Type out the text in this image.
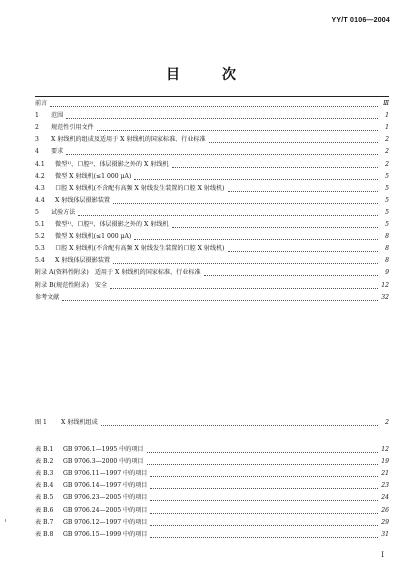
YY/T 0106—2004
目　次
前言	Ⅲ
1	范围	1
2	规范性引用文件	1
3	X 射线机的组成及适用于 X 射线机的国家标准、行业标准	2
4	要求	2
4.1	微型¹⁾、口腔²⁾、体层摄影之外的 X 射线机	2
4.2	微型 X 射线机(≤1 000 μA)	5
4.3	口腔 X 射线机(不含配有高频 X 射线发生装置的口腔 X 射线机)	5
4.4	X 射线体层摄影装置	5
5	试验方法	5
5.1	微型¹⁾、口腔²⁾、体层摄影之外的 X 射线机	5
5.2	微型 X 射线机(≤1 000 μA)	8
5.3	口腔 X 射线机(不含配有高频 X 射线发生装置的口腔 X 射线机)	8
5.4	X 射线体层摄影装置	8
附录 A(资料性附录)　适用于 X 射线机的国家标准、行业标准	9
附录 B(规范性附录)　安全	12
参考文献	32
图 1	X 射线机组成	2
表 B.1	GB 9706.1—1995 中的项目	12
表 B.2	GB 9706.3—2000 中的项目	19
表 B.3	GB 9706.11—1997 中的项目	21
表 B.4	GB 9706.14—1997 中的项目	23
表 B.5	GB 9706.23—2005 中的项目	24
表 B.6	GB 9706.24—2005 中的项目	26
表 B.7	GB 9706.12—1997 中的项目	29
表 B.8	GB 9706.15—1999 中的项目	31
I
